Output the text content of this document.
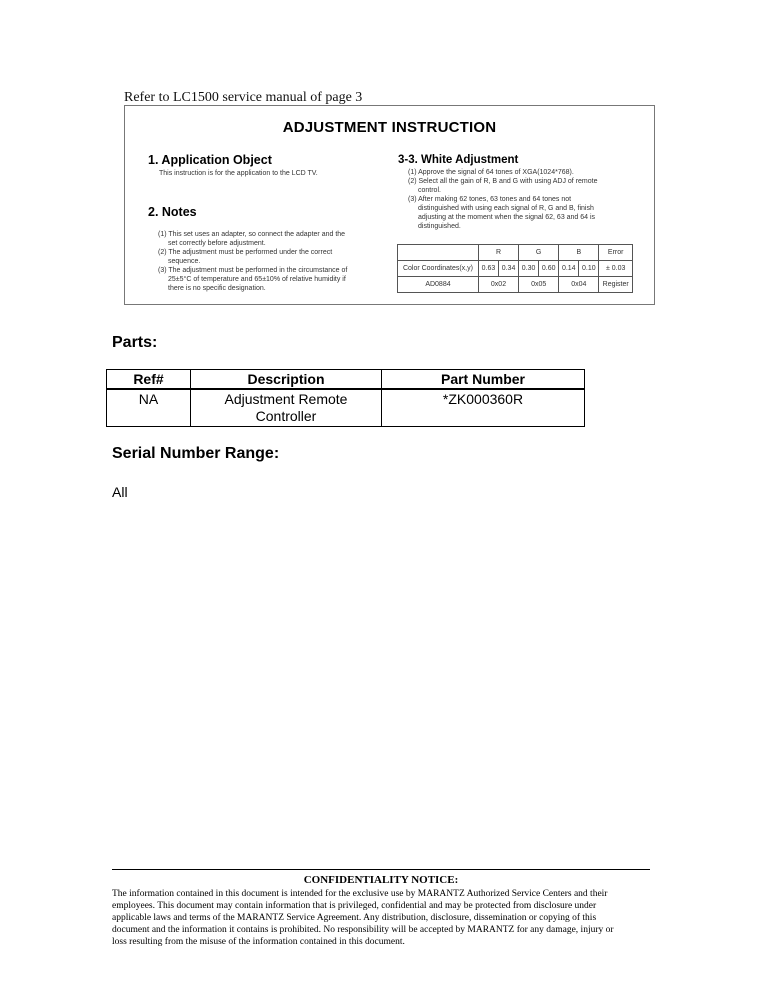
Refer to LC1500 service manual of page 3
ADJUSTMENT INSTRUCTION
1. Application Object
This instruction is for the application to the LCD TV.
2. Notes

(1) This set uses an adapter, so connect the adapter and the

set correctly before adjustment.

(2) The adjustment must be performed under the correct

sequence.

(3) The adjustment must be performed in the circumstance of

25±5°C of temperature and 65±10% of relative humidity if

there is no specific designation.

3-3. White Adjustment

(1) Approve the signal of 64 tones of XGA(1024*768).

(2) Select all the gain of R, B and G with using ADJ of remote

control.

(3) After making 62 tones, 63 tones and 64 tones not

distinguished with using each signal of R, G and B, finish

adjusting at the moment when the signal 62, 63 and 64 is

distinguished.

	R		G		B		Error
Color Coordinates(x,y)	0.63	0.34	0.30	0.60	0.14	0.10	± 0.03
AD0884	0x02		0x05		0x04		Register
Parts:
Ref#	Description	Part Number
NA	Adjustment Remote
Controller	*ZK000360R
Serial Number Range:
All
CONFIDENTIALITY NOTICE:
The information contained in this document is intended for the exclusive use by MARANTZ Authorized Service Centers and their
employees. This document may contain information that is privileged, confidential and may be protected from disclosure under
applicable laws and terms of the MARANTZ Service Agreement. Any distribution, disclosure, dissemination or copying of this
document and the information it contains is prohibited. No responsibility will be accepted by MARANTZ for any damage, injury or
loss resulting from the misuse of the information contained in this document.
